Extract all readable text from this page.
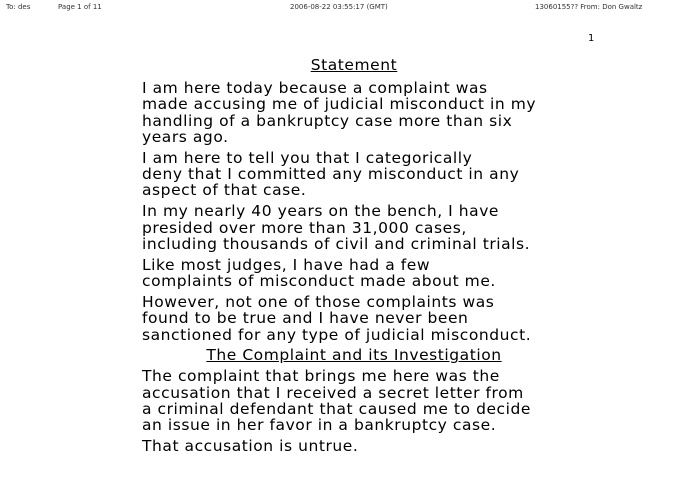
To: des	Page 1 of 11	2006-08-22 03:55:17 (GMT)	13060155?? From: Don Gwaltz
1
Statement

I am here today because a complaint was
made accusing me of judicial misconduct in my
handling of a bankruptcy case more than six
years ago.

I am here to tell you that I categorically
deny that I committed any misconduct in any
aspect of that case.

In my nearly 40 years on the bench, I have
presided over more than 31,000 cases,
including thousands of civil and criminal trials.

Like most judges, I have had a few
complaints of misconduct made about me.

However, not one of those complaints was
found to be true and I have never been
sanctioned for any type of judicial misconduct.

The Complaint and its Investigation

The complaint that brings me here was the
accusation that I received a secret letter from
a criminal defendant that caused me to decide
an issue in her favor in a bankruptcy case.

That accusation is untrue.
